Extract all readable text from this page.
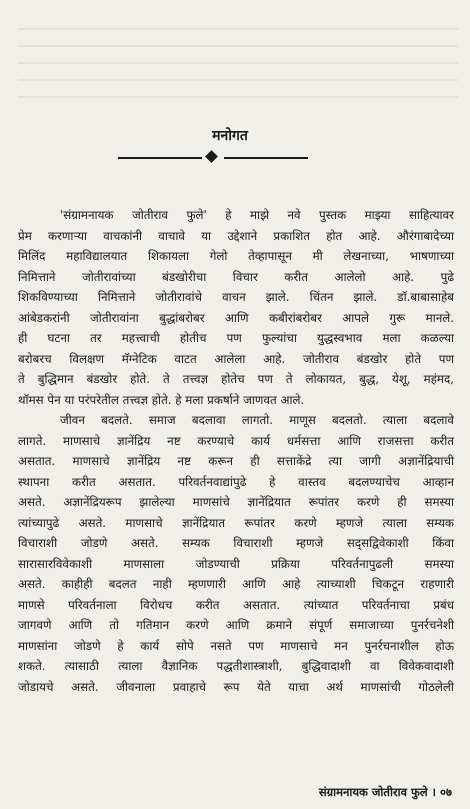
मनोगत

'संग्रामनायक जोतीराव फुले' हे माझे नवे पुस्तक माझ्या साहित्यावर

प्रेम करणाऱ्या वाचकांनी वाचावे या उद्देशाने प्रकाशित होत आहे. औरंगाबादेच्या

मिलिंद महाविद्यालयात शिकायला गेलो तेव्हापासून मी लेखनाच्या, भाषणाच्या

निमित्ताने जोतीरावांच्या बंडखोरीचा विचार करीत आलेलो आहे. पुढे

शिकविण्याच्या निमित्ताने जोतीरावांचे वाचन झाले. चिंतन झाले. डॉ.बाबासाहेब

आंबेडकरांनी जोतीरावांना बुद्धांबरोबर आणि कबीरांबरोबर आपले गुरू मानले.

ही घटना तर महत्त्वाची होतीच पण फुल्यांचा युद्धस्वभाव मला कळल्या

बरोबरच विलक्षण मॅग्नेटिक वाटत आलेला आहे. जोतीराव बंडखोर होते पण

ते बुद्धिमान बंडखोर होते. ते तत्त्वज्ञ होतेच पण ते लोकायत, बुद्ध, येशू, महंमद,

थॉमस पेन या परंपरेतील तत्त्वज्ञ होते. हे मला प्रकर्षाने जाणवत आले.

जीवन बदलते. समाज बदलावा लागतो. माणूस बदलतो. त्याला बदलावे

लागते. माणसाचे ज्ञानेंद्रिय नष्ट करण्याचे कार्य धर्मसत्ता आणि राजसत्ता करीत

असतात. माणसाचे ज्ञानेंद्रिय नष्ट करून ही सत्ताकेंद्रे त्या जागी अज्ञानेंद्रियाची

स्थापना करीत असतात. परिवर्तनवाद्यांपुढे हे वास्तव बदलण्याचेच आव्हान

असते. अज्ञानेंद्रियरूप झालेल्या माणसांचे ज्ञानेंद्रियात रूपांतर करणे ही समस्या

त्यांच्यापुढे असते. माणसाचे ज्ञानेंद्रियात रूपांतर करणे म्हणजे त्याला सम्यक

विचाराशी जोडणे असते. सम्यक विचाराशी म्हणजे सद्सद्विवेकाशी किंवा

सारासारविवेकाशी माणसाला जोडण्याची प्रक्रिया परिवर्तनापुढली समस्या

असते. काहीही बदलत नाही म्हणणारी आणि आहे त्याच्याशी चिकटून राहणारी

माणसे परिवर्तनाला विरोधच करीत असतात. त्यांच्यात परिवर्तनाचा प्रबंध

जागवणे आणि तो गतिमान करणे आणि क्रमाने संपूर्ण समाजाच्या पुनर्रचनेशी

माणसांना जोडणे हे कार्य सोपे नसते पण माणसाचे मन पुनर्रचनाशील होऊ

शकते. त्यासाठी त्याला वैज्ञानिक पद्धतीशास्त्राशी, बुद्धिवादाशी वा विवेकवादाशी

जोडायचे असते. जीवनाला प्रवाहाचे रूप येते याचा अर्थ माणसांची गोठलेली

संग्रामनायक जोतीराव फुले । ०७
